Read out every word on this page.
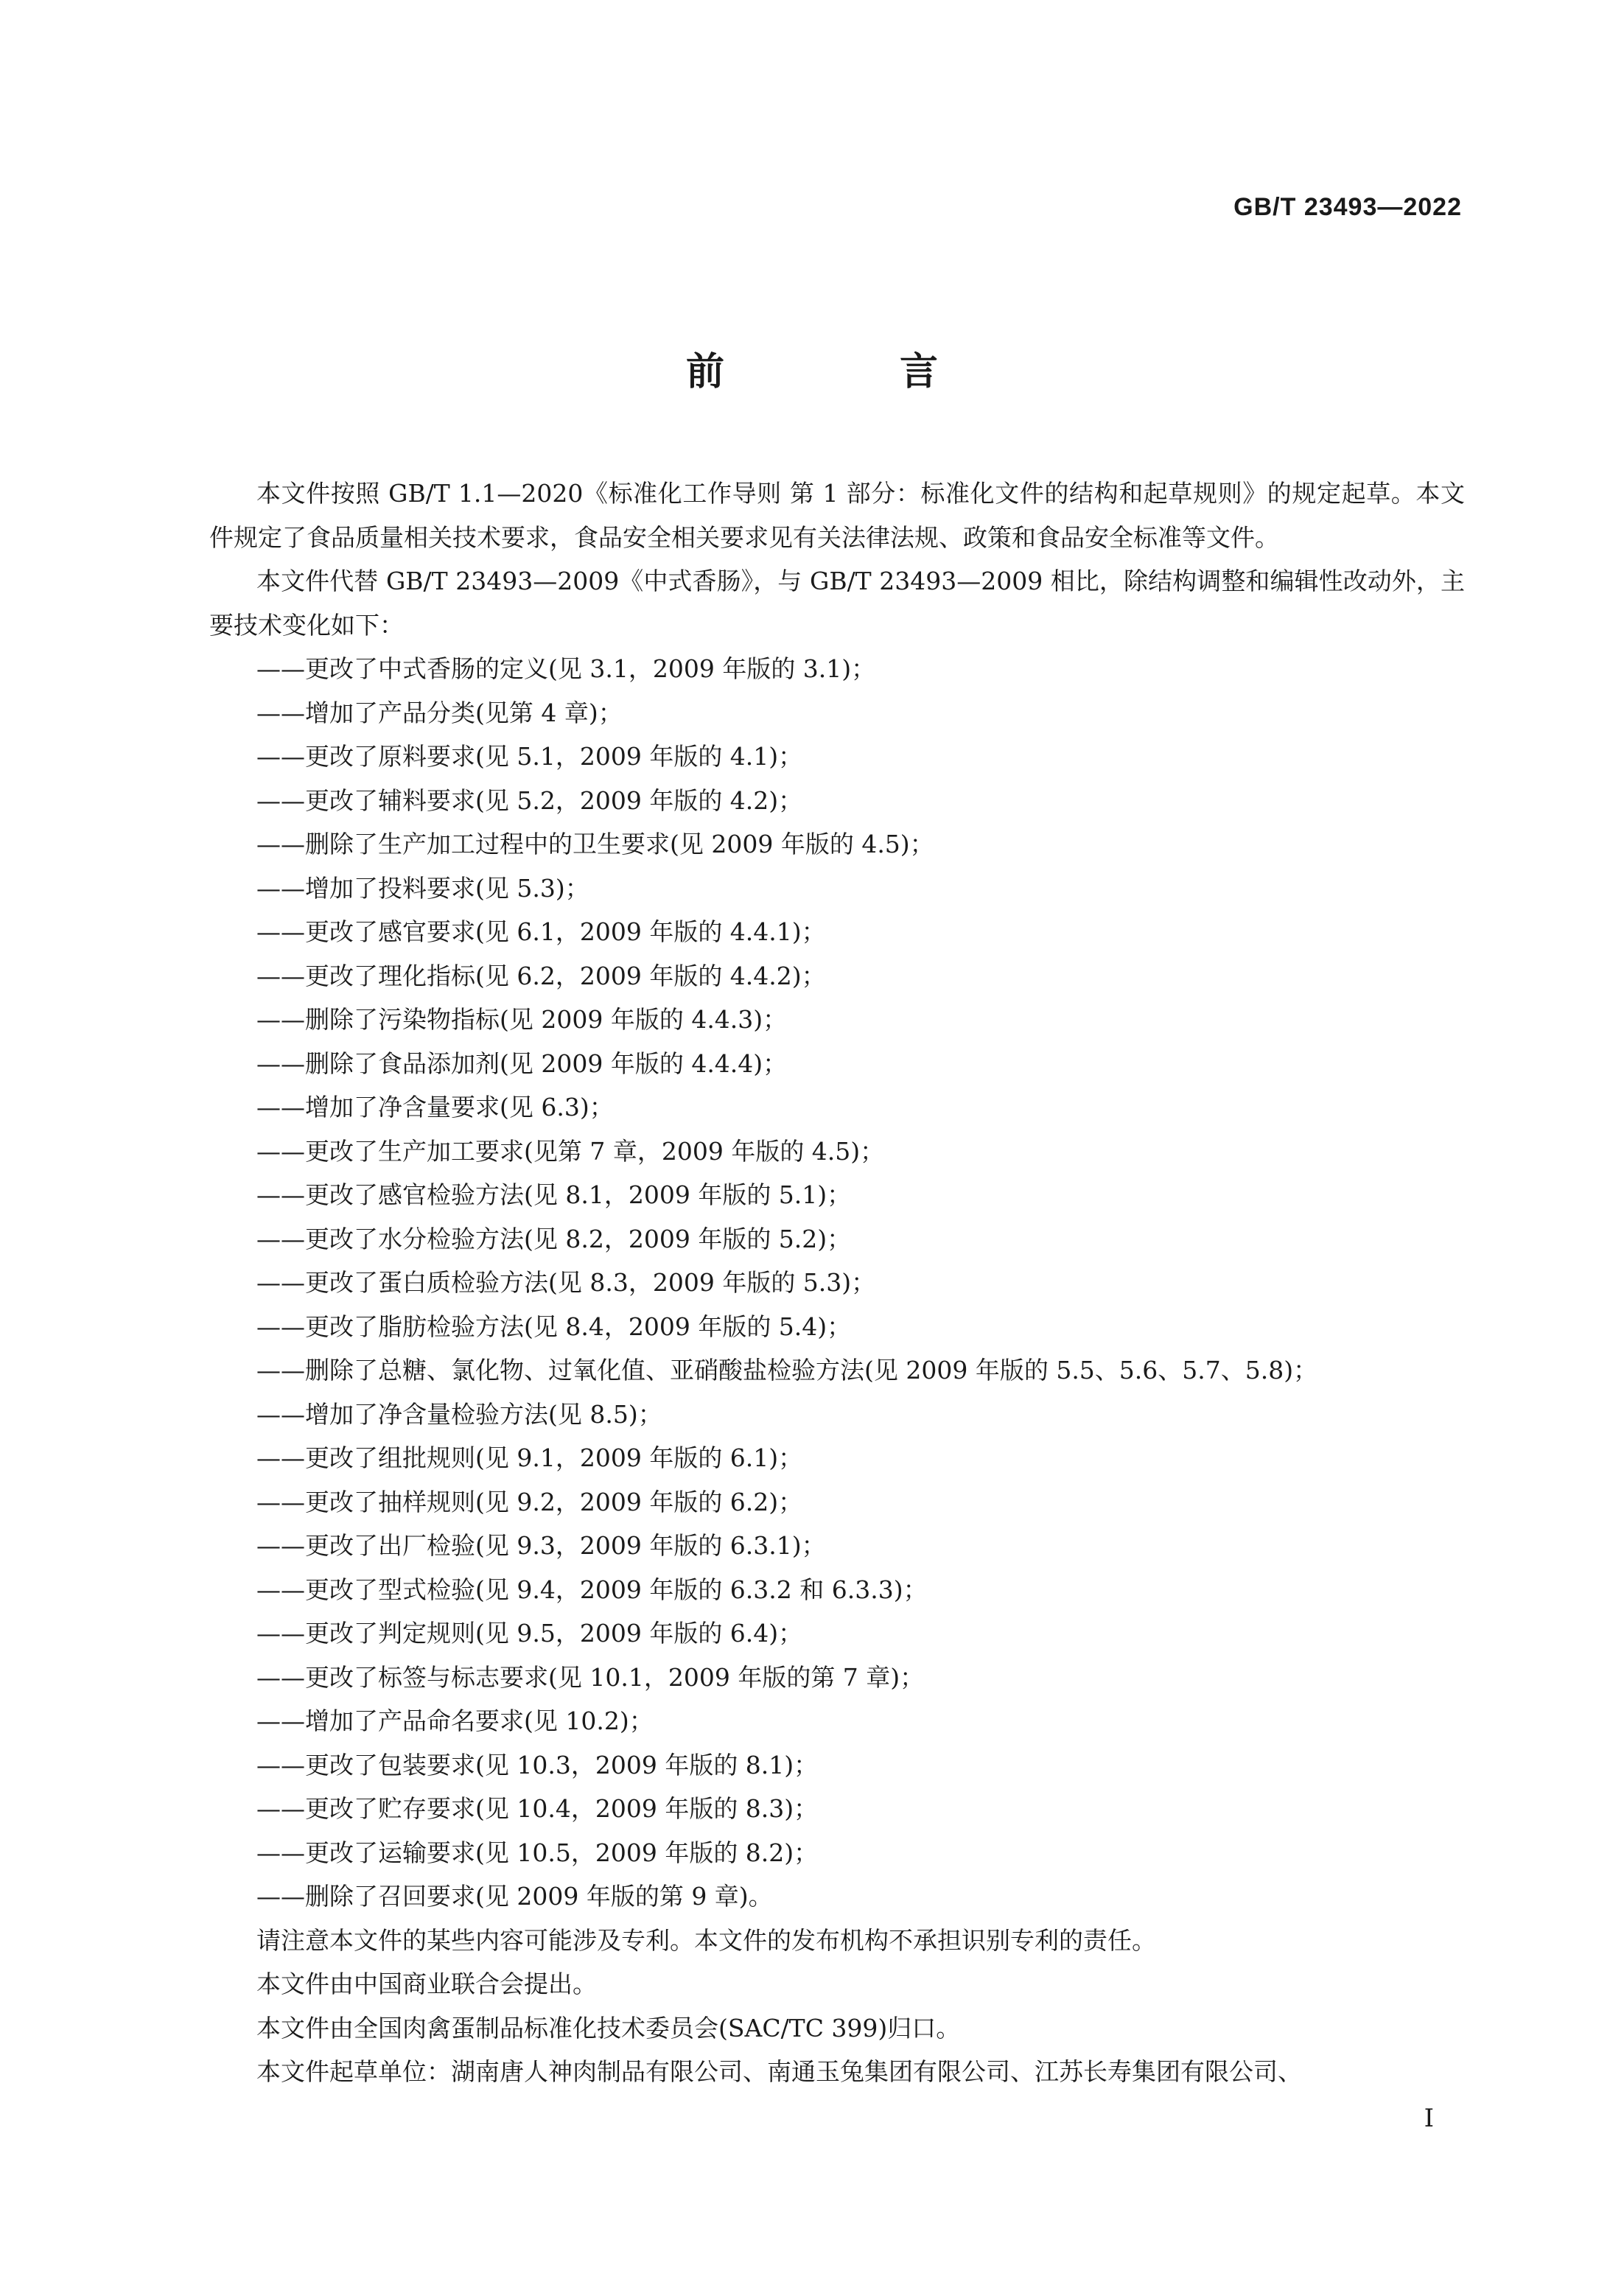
GB/T 23493—2022
前 言

本文件按照 GB/T 1.1—2020《标准化工作导则 第 1 部分：标准化文件的结构和起草规则》的规定起草。本文件规定了食品质量相关技术要求，食品安全相关要求见有关法律法规、政策和食品安全标准等文件。

本文件代替 GB/T 23493—2009《中式香肠》，与 GB/T 23493—2009 相比，除结构调整和编辑性改动外，主要技术变化如下：

——更改了中式香肠的定义(见 3.1，2009 年版的 3.1)；
——增加了产品分类(见第 4 章)；
——更改了原料要求(见 5.1，2009 年版的 4.1)；
——更改了辅料要求(见 5.2，2009 年版的 4.2)；
——删除了生产加工过程中的卫生要求(见 2009 年版的 4.5)；
——增加了投料要求(见 5.3)；
——更改了感官要求(见 6.1，2009 年版的 4.4.1)；
——更改了理化指标(见 6.2，2009 年版的 4.4.2)；
——删除了污染物指标(见 2009 年版的 4.4.3)；
——删除了食品添加剂(见 2009 年版的 4.4.4)；
——增加了净含量要求(见 6.3)；
——更改了生产加工要求(见第 7 章，2009 年版的 4.5)；
——更改了感官检验方法(见 8.1，2009 年版的 5.1)；
——更改了水分检验方法(见 8.2，2009 年版的 5.2)；
——更改了蛋白质检验方法(见 8.3，2009 年版的 5.3)；
——更改了脂肪检验方法(见 8.4，2009 年版的 5.4)；
——删除了总糖、氯化物、过氧化值、亚硝酸盐检验方法(见 2009 年版的 5.5、5.6、5.7、5.8)；
——增加了净含量检验方法(见 8.5)；
——更改了组批规则(见 9.1，2009 年版的 6.1)；
——更改了抽样规则(见 9.2，2009 年版的 6.2)；
——更改了出厂检验(见 9.3，2009 年版的 6.3.1)；
——更改了型式检验(见 9.4，2009 年版的 6.3.2 和 6.3.3)；
——更改了判定规则(见 9.5，2009 年版的 6.4)；
——更改了标签与标志要求(见 10.1，2009 年版的第 7 章)；
——增加了产品命名要求(见 10.2)；
——更改了包装要求(见 10.3，2009 年版的 8.1)；
——更改了贮存要求(见 10.4，2009 年版的 8.3)；
——更改了运输要求(见 10.5，2009 年版的 8.2)；
——删除了召回要求(见 2009 年版的第 9 章)。

请注意本文件的某些内容可能涉及专利。本文件的发布机构不承担识别专利的责任。

本文件由中国商业联合会提出。

本文件由全国肉禽蛋制品标准化技术委员会(SAC/TC 399)归口。

本文件起草单位：湖南唐人神肉制品有限公司、南通玉兔集团有限公司、江苏长寿集团有限公司、

I
